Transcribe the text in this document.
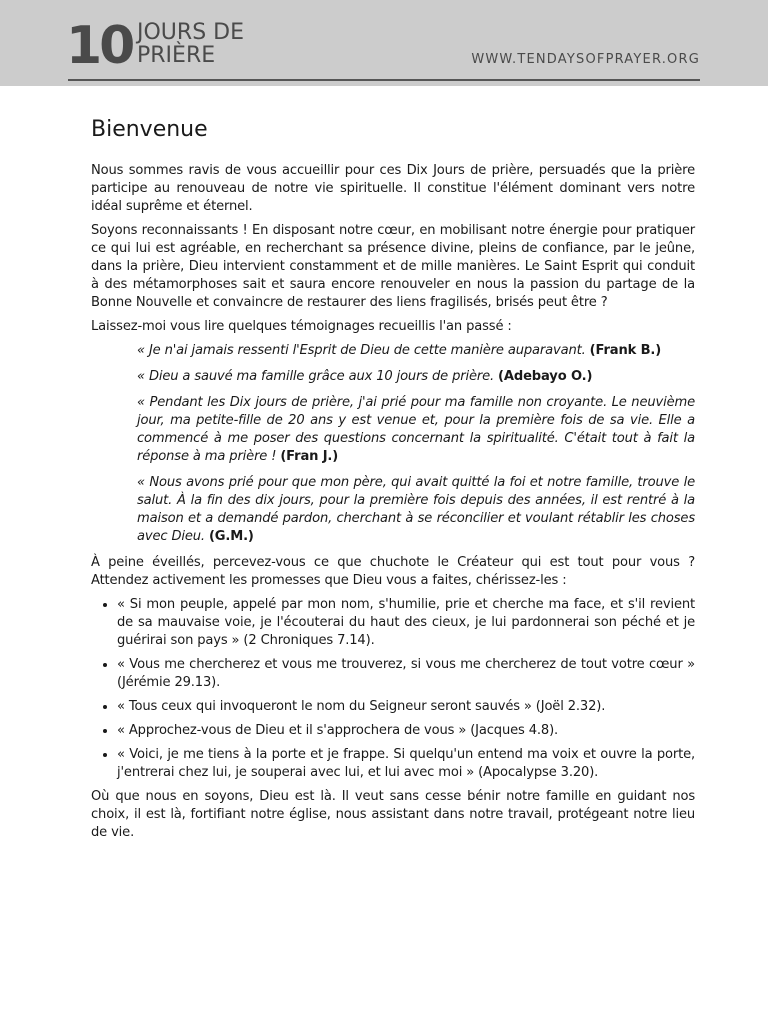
10 JOURS DE
PRIÈRE	WWW.TENDAYSOFPRAYER.ORG
Bienvenue

Nous sommes ravis de vous accueillir pour ces Dix Jours de prière, persuadés que la prière participe au renouveau de notre vie spirituelle. Il constitue l'élément dominant vers notre idéal suprême et éternel.

Soyons reconnaissants ! En disposant notre cœur, en mobilisant notre énergie pour pratiquer ce qui lui est agréable, en recherchant sa présence divine, pleins de confiance, par le jeûne, dans la prière, Dieu intervient constamment et de mille manières. Le Saint Esprit qui conduit à des métamorphoses sait et saura encore renouveler en nous la passion du partage de la Bonne Nouvelle et convaincre de restaurer des liens fragilisés, brisés peut être ?

Laissez-moi vous lire quelques témoignages recueillis l'an passé :

« Je n'ai jamais ressenti l'Esprit de Dieu de cette manière auparavant. (Frank B.)
« Dieu a sauvé ma famille grâce aux 10 jours de prière. (Adebayo O.)
« Pendant les Dix jours de prière, j'ai prié pour ma famille non croyante. Le neuvième jour, ma petite-fille de 20 ans y est venue et, pour la première fois de sa vie. Elle a commencé à me poser des questions concernant la spiritualité. C'était tout à fait la réponse à ma prière ! (Fran J.)
« Nous avons prié pour que mon père, qui avait quitté la foi et notre famille, trouve le salut. À la fin des dix jours, pour la première fois depuis des années, il est rentré à la maison et a demandé pardon, cherchant à se réconcilier et voulant rétablir les choses avec Dieu. (G.M.)

À peine éveillés, percevez-vous ce que chuchote le Créateur qui est tout pour vous ? Attendez activement les promesses que Dieu vous a faites, chérissez-les :

• « Si mon peuple, appelé par mon nom, s'humilie, prie et cherche ma face, et s'il revient de sa mauvaise voie, je l'écouterai du haut des cieux, je lui pardonnerai son péché et je guérirai son pays » (2 Chroniques 7.14).
• « Vous me chercherez et vous me trouverez, si vous me chercherez de tout votre cœur » (Jérémie 29.13).
• « Tous ceux qui invoqueront le nom du Seigneur seront sauvés » (Joël 2.32).
• « Approchez-vous de Dieu et il s'approchera de vous » (Jacques 4.8).
• « Voici, je me tiens à la porte et je frappe. Si quelqu'un entend ma voix et ouvre la porte, j'entrerai chez lui, je souperai avec lui, et lui avec moi » (Apocalypse 3.20).

Où que nous en soyons, Dieu est là. Il veut sans cesse bénir notre famille en guidant nos choix, il est là, fortifiant notre église, nous assistant dans notre travail, protégeant notre lieu de vie.
